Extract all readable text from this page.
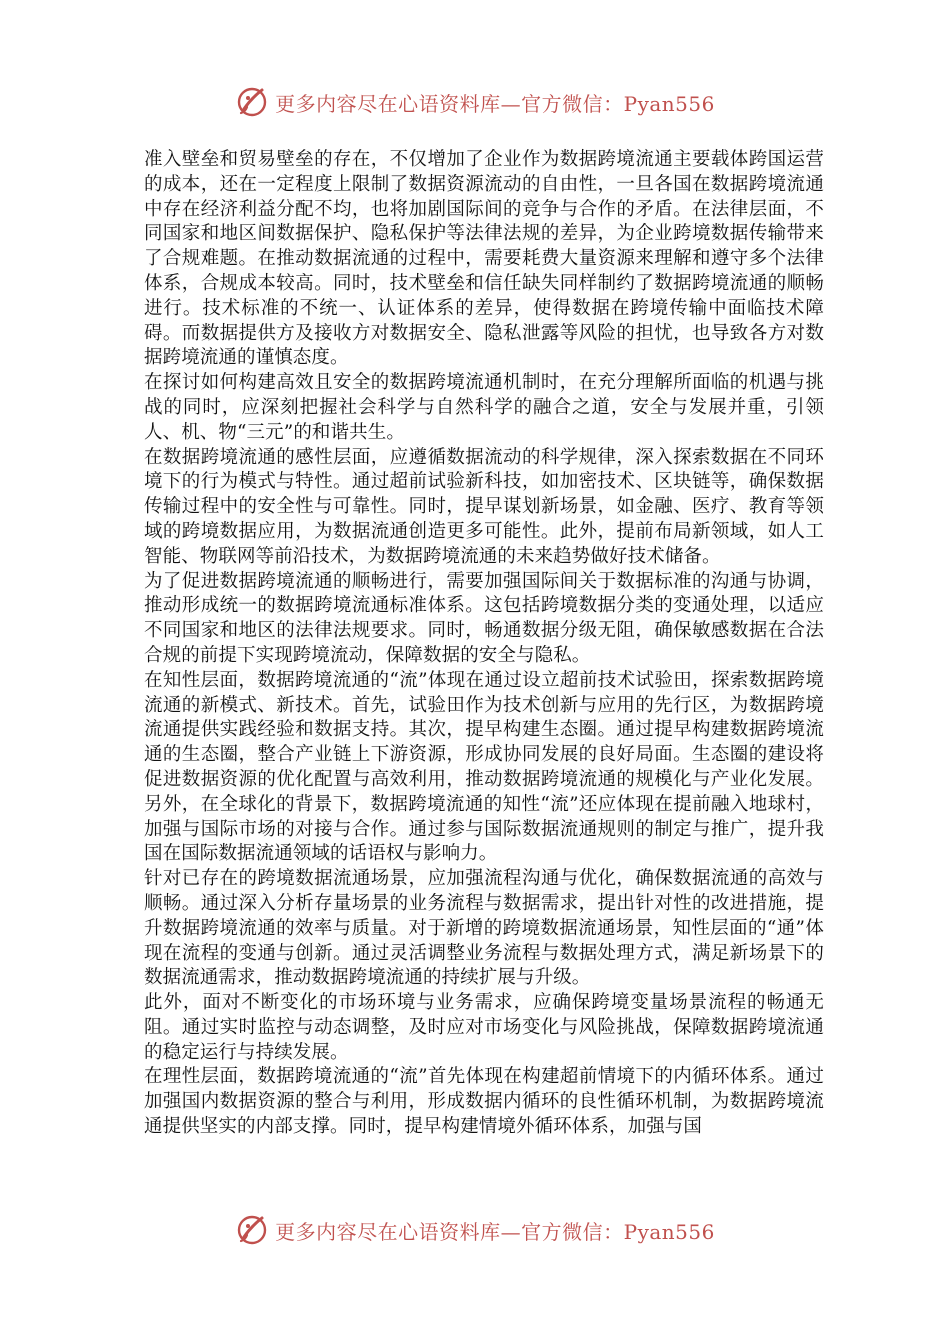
更多内容尽在心语资料库—官方微信：Pyan556

准入壁垒和贸易壁垒的存在，不仅增加了企业作为数据跨境流通主要载体跨国运营的成本，还在一定程度上限制了数据资源流动的自由性，一旦各国在数据跨境流通中存在经济利益分配不均，也将加剧国际间的竞争与合作的矛盾。在法律层面，不同国家和地区间数据保护、隐私保护等法律法规的差异，为企业跨境数据传输带来了合规难题。在推动数据流通的过程中，需要耗费大量资源来理解和遵守多个法律体系，合规成本较高。同时，技术壁垒和信任缺失同样制约了数据跨境流通的顺畅进行。技术标准的不统一、认证体系的差异，使得数据在跨境传输中面临技术障碍。而数据提供方及接收方对数据安全、隐私泄露等风险的担忧，也导致各方对数据跨境流通的谨慎态度。

在探讨如何构建高效且安全的数据跨境流通机制时，在充分理解所面临的机遇与挑战的同时，应深刻把握社会科学与自然科学的融合之道，安全与发展并重，引领人、机、物“三元”的和谐共生。

在数据跨境流通的感性层面，应遵循数据流动的科学规律，深入探索数据在不同环境下的行为模式与特性。通过超前试验新科技，如加密技术、区块链等，确保数据传输过程中的安全性与可靠性。同时，提早谋划新场景，如金融、医疗、教育等领域的跨境数据应用，为数据流通创造更多可能性。此外，提前布局新领域，如人工智能、物联网等前沿技术，为数据跨境流通的未来趋势做好技术储备。

为了促进数据跨境流通的顺畅进行，需要加强国际间关于数据标准的沟通与协调，推动形成统一的数据跨境流通标准体系。这包括跨境数据分类的变通处理，以适应不同国家和地区的法律法规要求。同时，畅通数据分级无阻，确保敏感数据在合法合规的前提下实现跨境流动，保障数据的安全与隐私。

在知性层面，数据跨境流通的“流”体现在通过设立超前技术试验田，探索数据跨境流通的新模式、新技术。首先，试验田作为技术创新与应用的先行区，为数据跨境流通提供实践经验和数据支持。其次，提早构建生态圈。通过提早构建数据跨境流通的生态圈，整合产业链上下游资源，形成协同发展的良好局面。生态圈的建设将促进数据资源的优化配置与高效利用，推动数据跨境流通的规模化与产业化发展。另外，在全球化的背景下，数据跨境流通的知性“流”还应体现在提前融入地球村，加强与国际市场的对接与合作。通过参与国际数据流通规则的制定与推广，提升我国在国际数据流通领域的话语权与影响力。

针对已存在的跨境数据流通场景，应加强流程沟通与优化，确保数据流通的高效与顺畅。通过深入分析存量场景的业务流程与数据需求，提出针对性的改进措施，提升数据跨境流通的效率与质量。对于新增的跨境数据流通场景，知性层面的“通”体现在流程的变通与创新。通过灵活调整业务流程与数据处理方式，满足新场景下的数据流通需求，推动数据跨境流通的持续扩展与升级。

此外，面对不断变化的市场环境与业务需求，应确保跨境变量场景流程的畅通无阻。通过实时监控与动态调整，及时应对市场变化与风险挑战，保障数据跨境流通的稳定运行与持续发展。

在理性层面，数据跨境流通的“流”首先体现在构建超前情境下的内循环体系。通过加强国内数据资源的整合与利用，形成数据内循环的良性循环机制，为数据跨境流通提供坚实的内部支撑。同时，提早构建情境外循环体系，加强与国

更多内容尽在心语资料库—官方微信：Pyan556
